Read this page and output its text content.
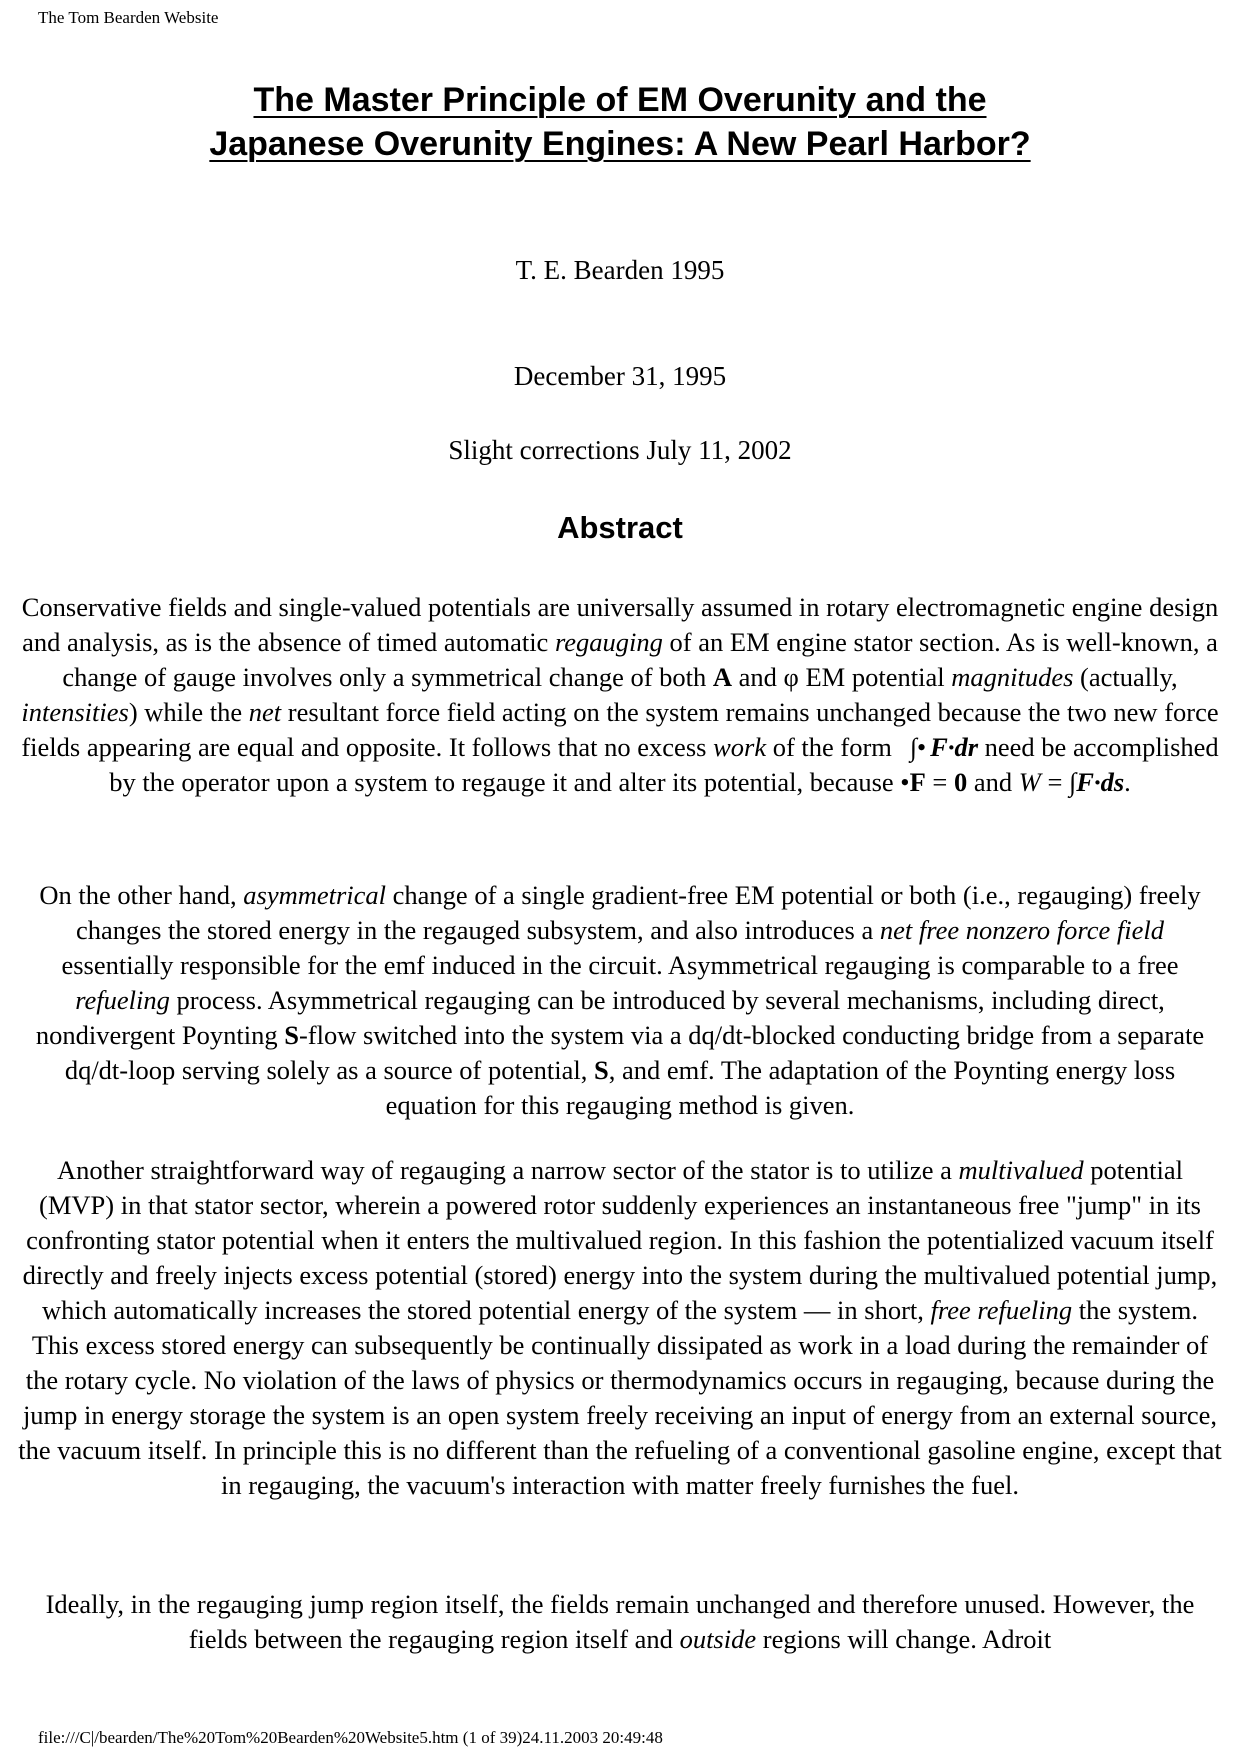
The Tom Bearden Website
The Master Principle of EM Overunity and the
Japanese Overunity Engines: A New Pearl Harbor?
T. E. Bearden 1995
December 31, 1995
Slight corrections July 11, 2002
Abstract

Conservative fields and single-valued potentials are universally assumed in rotary electromagnetic engine design and analysis, as is the absence of timed automatic regauging of an EM engine stator section. As is well-known, a change of gauge involves only a symmetrical change of both A and φ EM potential magnitudes (actually, intensities) while the net resultant force field acting on the system remains unchanged because the two new force fields appearing are equal and opposite. It follows that no excess work of the form ∫• F·dr need be accomplished by the operator upon a system to regauge it and alter its potential, because •F = 0 and W = ∫F·ds.

On the other hand, asymmetrical change of a single gradient-free EM potential or both (i.e., regauging) freely changes the stored energy in the regauged subsystem, and also introduces a net free nonzero force field essentially responsible for the emf induced in the circuit. Asymmetrical regauging is comparable to a free refueling process. Asymmetrical regauging can be introduced by several mechanisms, including direct, nondivergent Poynting S-flow switched into the system via a dq/dt-blocked conducting bridge from a separate dq/dt-loop serving solely as a source of potential, S, and emf. The adaptation of the Poynting energy loss equation for this regauging method is given.

Another straightforward way of regauging a narrow sector of the stator is to utilize a multivalued potential (MVP) in that stator sector, wherein a powered rotor suddenly experiences an instantaneous free "jump" in its confronting stator potential when it enters the multivalued region. In this fashion the potentialized vacuum itself directly and freely injects excess potential (stored) energy into the system during the multivalued potential jump, which automatically increases the stored potential energy of the system — in short, free refueling the system. This excess stored energy can subsequently be continually dissipated as work in a load during the remainder of the rotary cycle. No violation of the laws of physics or thermodynamics occurs in regauging, because during the jump in energy storage the system is an open system freely receiving an input of energy from an external source, the vacuum itself. In principle this is no different than the refueling of a conventional gasoline engine, except that in regauging, the vacuum's interaction with matter freely furnishes the fuel.

Ideally, in the regauging jump region itself, the fields remain unchanged and therefore unused. However, the fields between the regauging region itself and outside regions will change. Adroit

file:///C|/bearden/The%20Tom%20Bearden%20Website5.htm (1 of 39)24.11.2003 20:49:48
